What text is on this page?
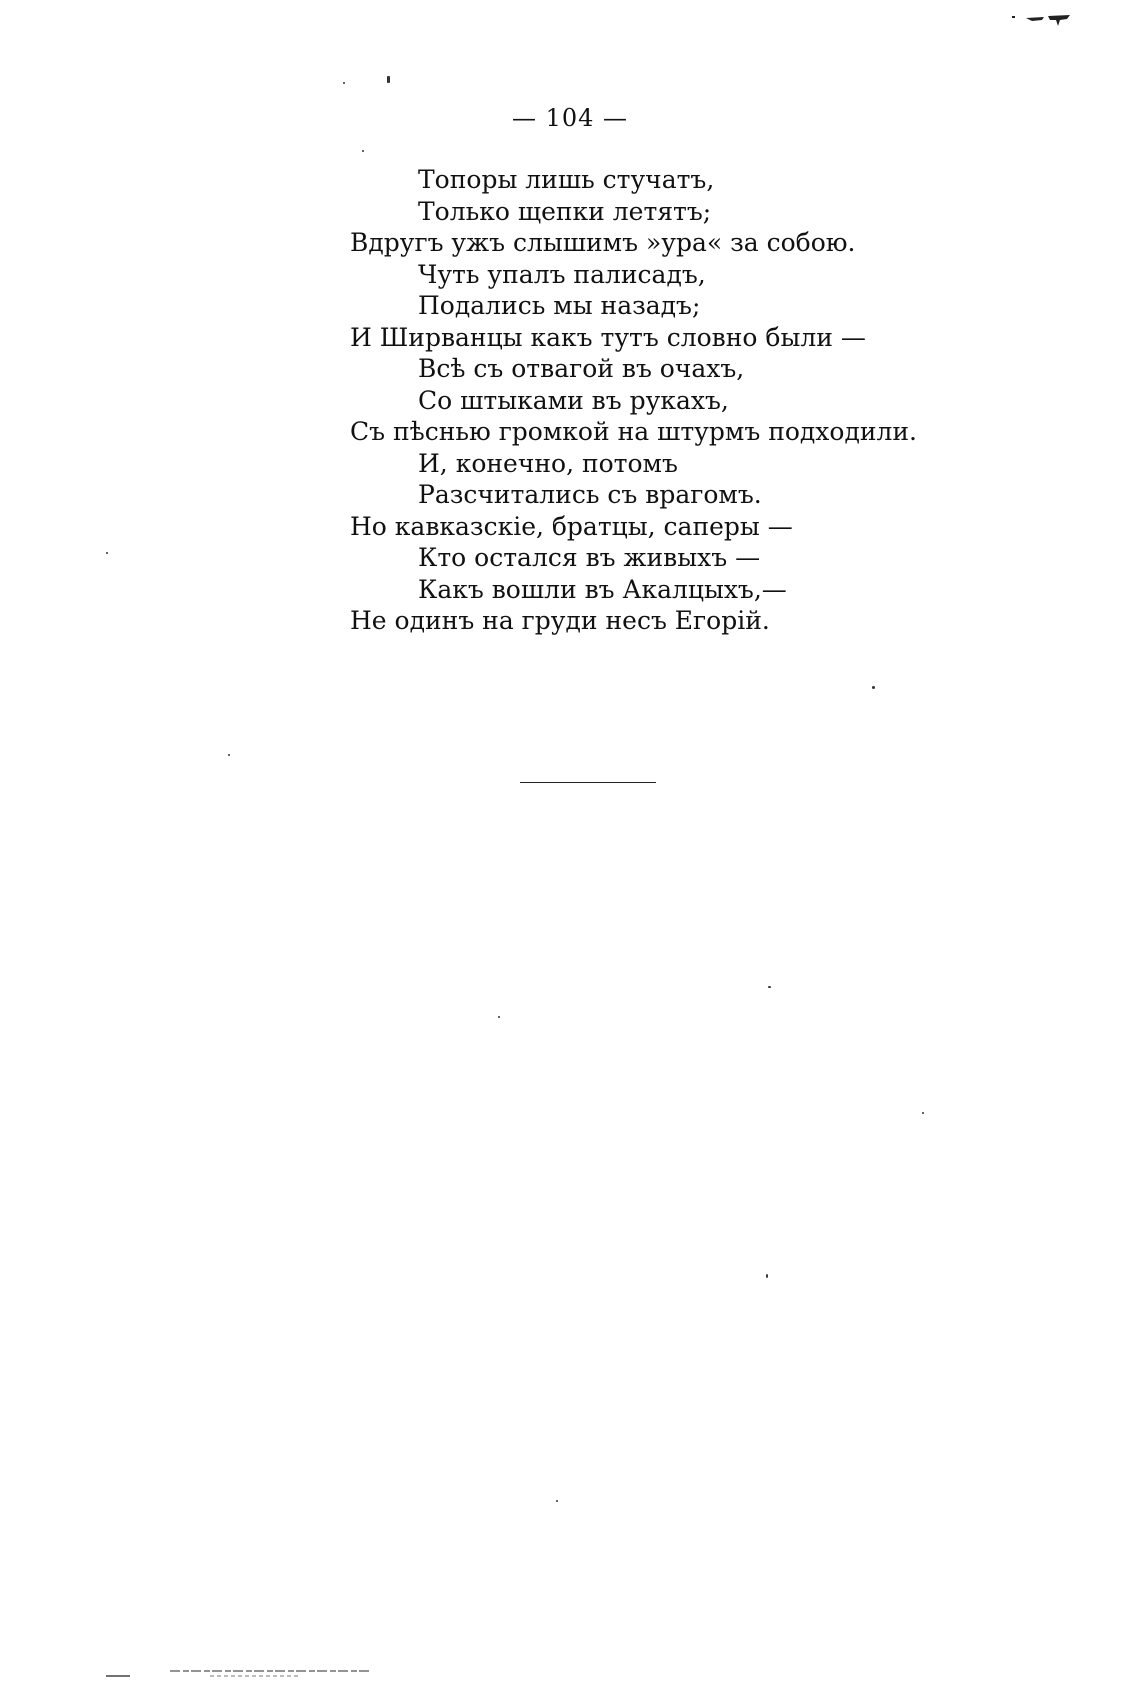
— 104 —
Топоры лишь стучатъ,
Только щепки летятъ;
Вдругъ ужъ слышимъ »ура« за собою.
Чуть упалъ палисадъ,
Подались мы назадъ;
И Ширванцы какъ тутъ словно были —
Всѣ съ отвагой въ очахъ,
Со штыками въ рукахъ,
Съ пѣснью громкой на штурмъ подходили.
И, конечно, потомъ
Разсчитались съ врагомъ.
Но кавказскіе, братцы, саперы —
Кто остался въ живыхъ —
Какъ вошли въ Акалцыхъ,—
Не одинъ на груди несъ Егорій.
